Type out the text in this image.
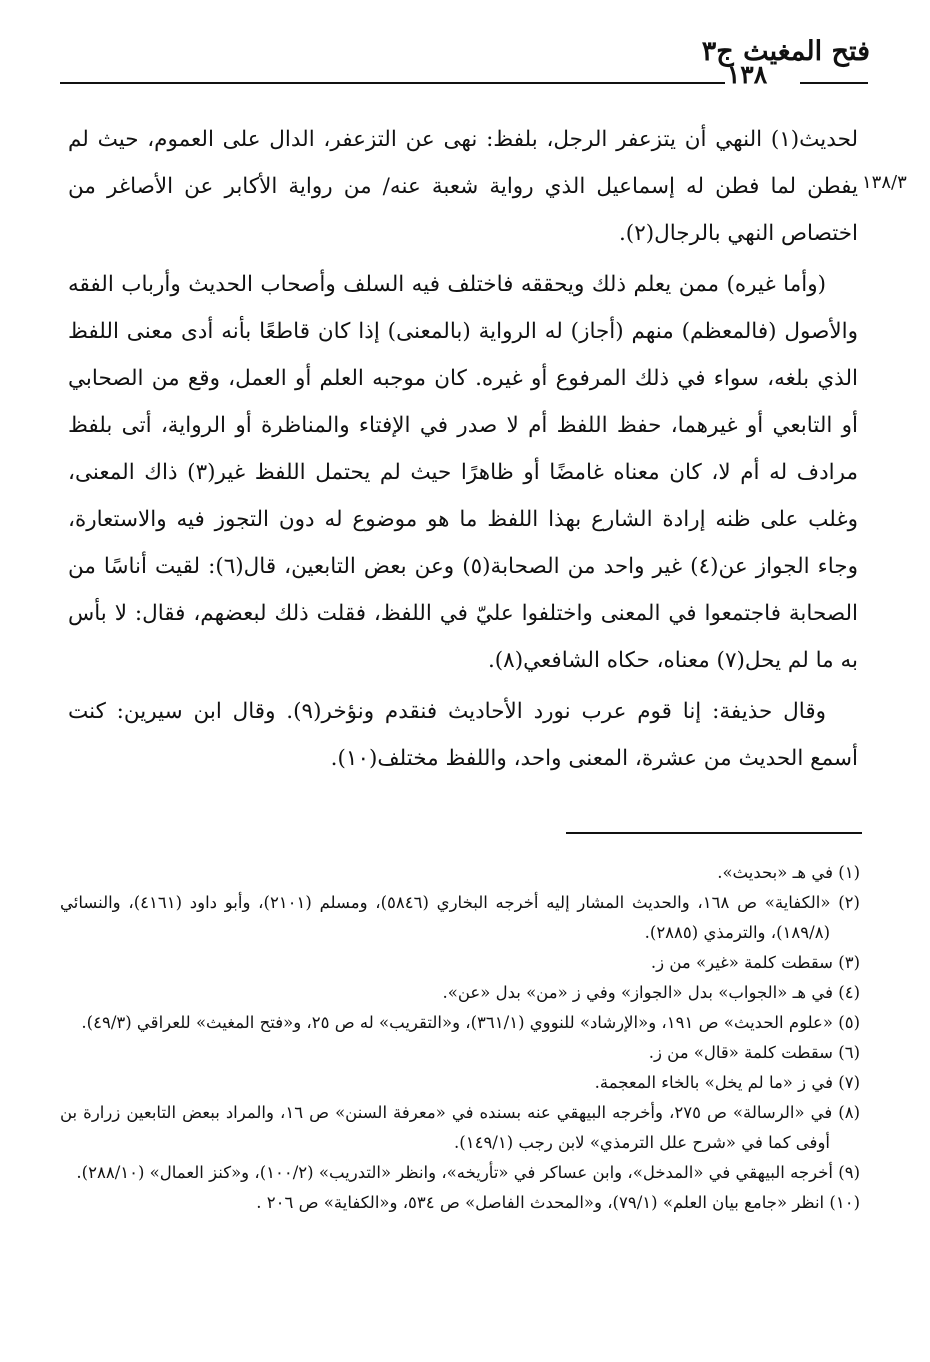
فتح المغيث ج٣
١٣٨
١٣٨/٣

لحديث(١) النهي أن يتزعفر الرجل، بلفظ: نهى عن التزعفر، الدال على العموم، حيث لم يفطن لما فطن له إسماعيل الذي رواية شعبة عنه/ من رواية الأكابر عن الأصاغر من اختصاص النهي بالرجال(٢).

(وأما غيره) ممن يعلم ذلك ويحققه فاختلف فيه السلف وأصحاب الحديث وأرباب الفقه والأصول (فالمعظم) منهم (أجاز) له الرواية (بالمعنى) إذا كان قاطعًا بأنه أدى معنى اللفظ الذي بلغه، سواء في ذلك المرفوع أو غيره. كان موجبه العلم أو العمل، وقع من الصحابي أو التابعي أو غيرهما، حفظ اللفظ أم لا صدر في الإفتاء والمناظرة أو الرواية، أتى بلفظ مرادف له أم لا، كان معناه غامضًا أو ظاهرًا حيث لم يحتمل اللفظ غير(٣) ذاك المعنى، وغلب على ظنه إرادة الشارع بهذا اللفظ ما هو موضوع له دون التجوز فيه والاستعارة، وجاء الجواز عن(٤) غير واحد من الصحابة(٥) وعن بعض التابعين، قال(٦): لقيت أناسًا من الصحابة فاجتمعوا في المعنى واختلفوا عليّ في اللفظ، فقلت ذلك لبعضهم، فقال: لا بأس به ما لم يحل(٧) معناه، حكاه الشافعي(٨).

وقال حذيفة: إنا قوم عرب نورد الأحاديث فنقدم ونؤخر(٩). وقال ابن سيرين: كنت أسمع الحديث من عشرة، المعنى واحد، واللفظ مختلف(١٠).

(١) في هـ «بحديث».

(٢) «الكفاية» ص ١٦٨، والحديث المشار إليه أخرجه البخاري (٥٨٤٦)، ومسلم (٢١٠١)، وأبو داود (٤١٦١)، والنسائي (١٨٩/٨)، والترمذي (٢٨٨٥).

(٣) سقطت كلمة «غير» من ز.

(٤) في هـ «الجواب» بدل «الجواز» وفي ز «من» بدل «عن».

(٥) «علوم الحديث» ص ١٩١، و«الإرشاد» للنووي (٣٦١/١)، و«التقريب» له ص ٢٥، و«فتح المغيث» للعراقي (٤٩/٣).

(٦) سقطت كلمة «قال» من ز.

(٧) في ز «ما لم يخل» بالخاء المعجمة.

(٨) في «الرسالة» ص ٢٧٥، وأخرجه البيهقي عنه بسنده في «معرفة السنن» ص ١٦، والمراد ببعض التابعين زرارة بن أوفى كما في «شرح علل الترمذي» لابن رجب (١٤٩/١).

(٩) أخرجه البيهقي في «المدخل»، وابن عساكر في «تأريخه»، وانظر «التدريب» (١٠٠/٢)، و«كنز العمال» (٢٨٨/١٠).

(١٠) انظر «جامع بيان العلم» (٧٩/١)، و«المحدث الفاصل» ص ٥٣٤، و«الكفاية» ص ٢٠٦ .
